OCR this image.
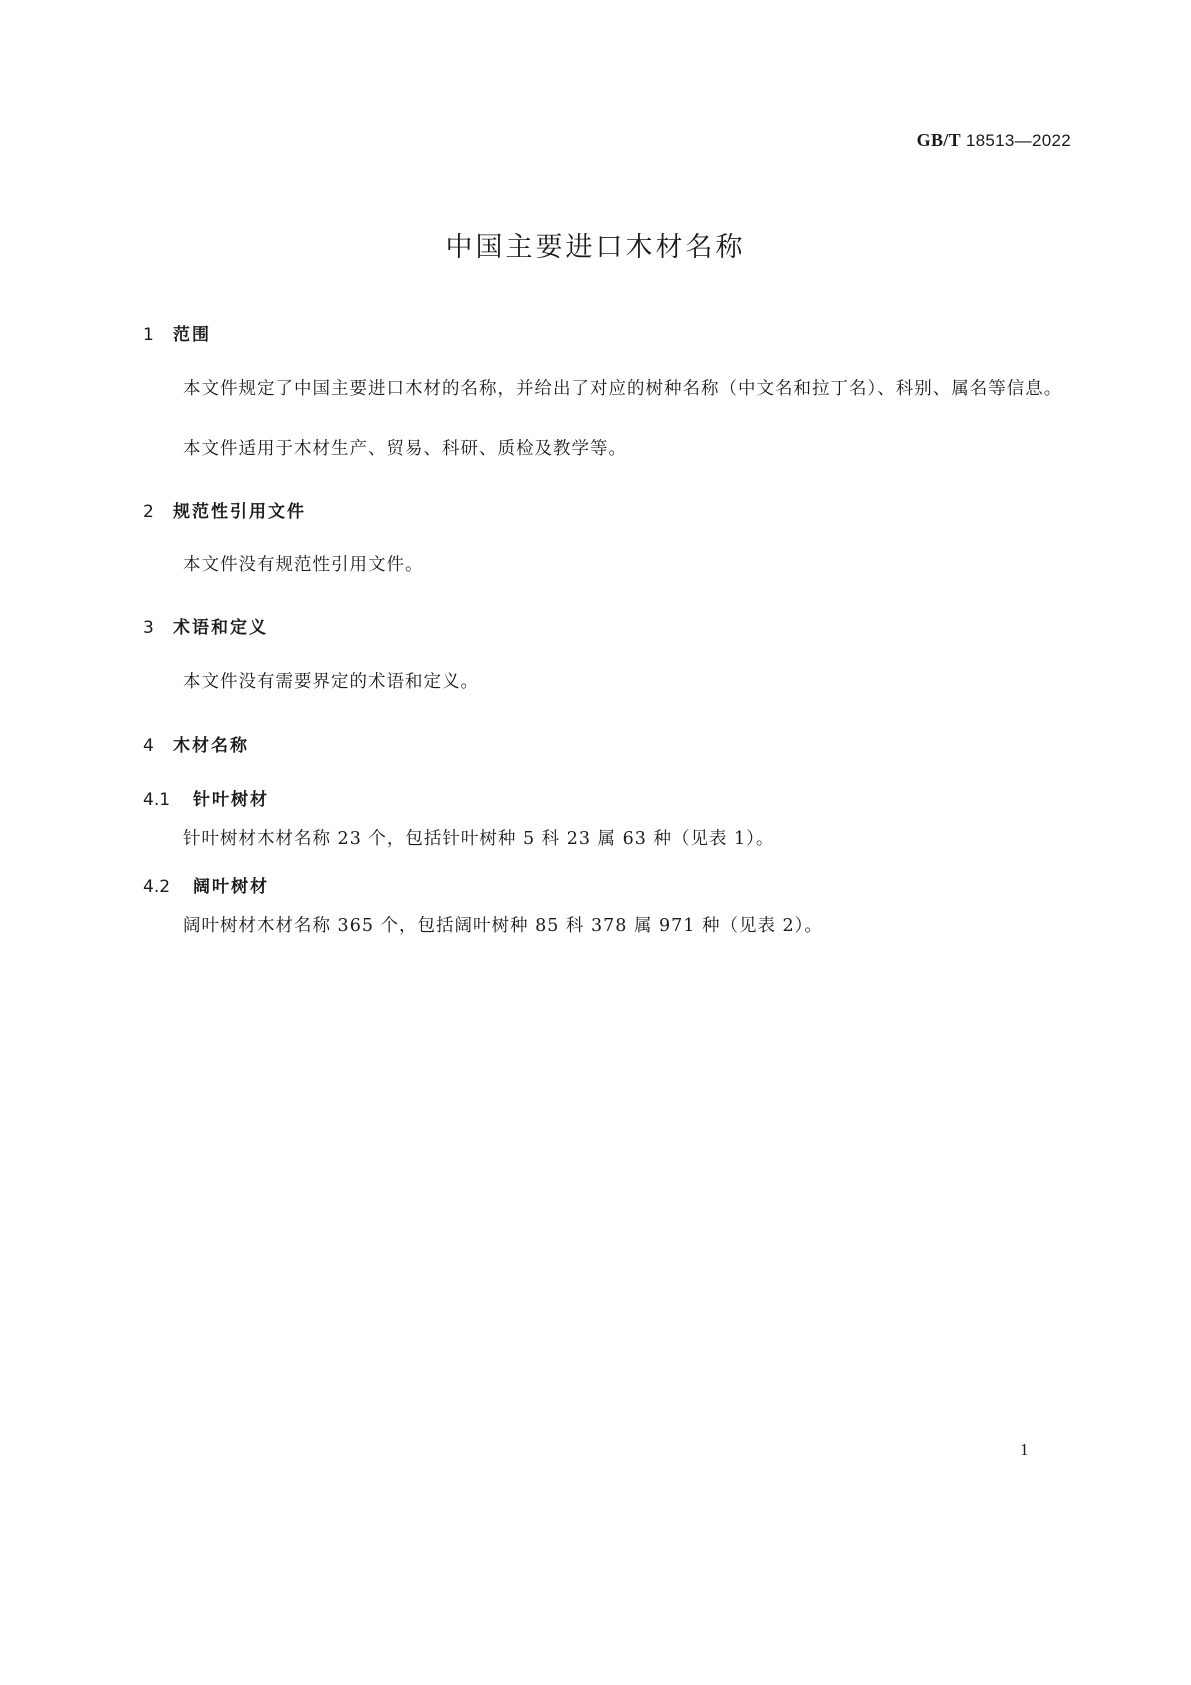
GB/T 18513—2022
中国主要进口木材名称
1 范围
本文件规定了中国主要进口木材的名称，并给出了对应的树种名称（中文名和拉丁名）、科别、属名等信息。
本文件适用于木材生产、贸易、科研、质检及教学等。
2 规范性引用文件
本文件没有规范性引用文件。
3 术语和定义
本文件没有需要界定的术语和定义。
4 木材名称
4.1 针叶树材
针叶树材木材名称 23 个，包括针叶树种 5 科 23 属 63 种（见表 1）。
4.2 阔叶树材
阔叶树材木材名称 365 个，包括阔叶树种 85 科 378 属 971 种（见表 2）。
1
